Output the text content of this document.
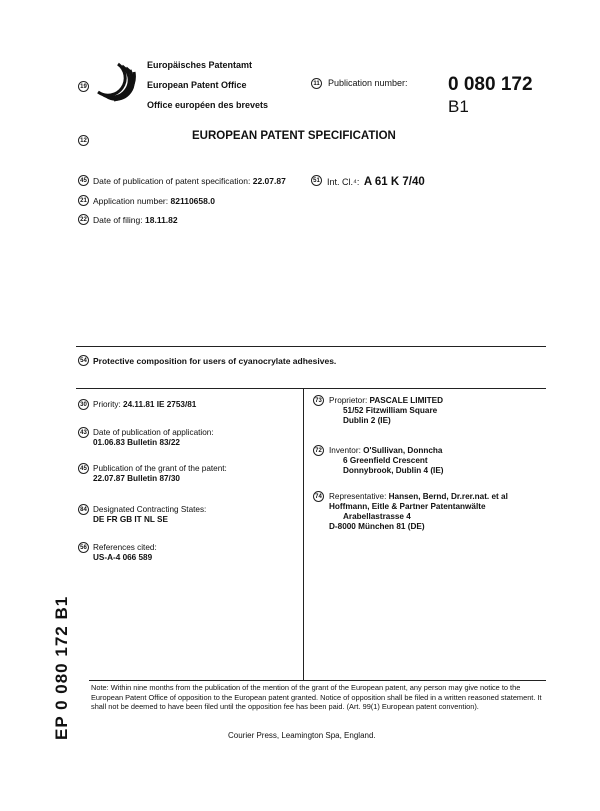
19
Europäisches Patentamt
European Patent Office
Office européen des brevets
11 Publication number: 0 080 172
B1
12	EUROPEAN PATENT SPECIFICATION
45 Date of publication of patent specification: 22.07.87	51 Int. Cl.⁴: A 61 K 7/40
21 Application number: 82110658.0
22 Date of filing: 18.11.82
54 Protective composition for users of cyanocrylate adhesives.
30 Priority: 24.11.81 IE 2753/81
43 Date of publication of application:
01.06.83 Bulletin 83/22
45 Publication of the grant of the patent:
22.07.87 Bulletin 87/30
84 Designated Contracting States:
DE FR GB IT NL SE
56 References cited:
US-A-4 066 589
73 Proprietor: PASCALE LIMITED
51/52 Fitzwilliam Square
Dublin 2 (IE)
72 Inventor: O'Sullivan, Donncha
6 Greenfield Crescent
Donnybrook, Dublin 4 (IE)
74 Representative: Hansen, Bernd, Dr.rer.nat. et al
Hoffmann, Eitle & Partner Patentanwälte
Arabellastrasse 4
D-8000 München 81 (DE)
EP 0 080 172 B1	Note: Within nine months from the publication of the mention of the grant of the European patent, any person may give notice to the European Patent Office of opposition to the European patent granted. Notice of opposition shall be filed in a written reasoned statement. It shall not be deemed to have been filed until the opposition fee has been paid. (Art. 99(1) European patent convention).
Courier Press, Leamington Spa, England.
